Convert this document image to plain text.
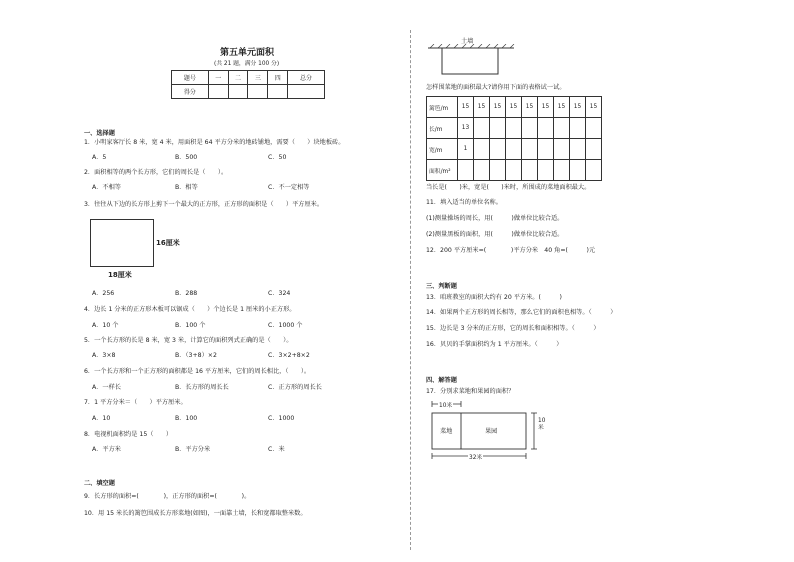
第五单元面积
(共 21 题，满分 100 分)
题号	一	二	三	四	总分
得分					
一、选择题
1．小明家客厅长 8 米，宽 4 米，用面积是 64 平方分米的地砖铺地，需要（　　）块地板砖。
A．5	B．500	C．50
2．面积相等的两个长方形，它们的周长是（　　）。
A．不相等	B．相等	C．不一定相等
3．往往从下边的长方形上剪下一个最大的正方形，正方形的面积是（　　）平方厘米。
16厘米
18厘米
A．256	B．288	C．324
4．边长 1 分米的正方形木板可以锯成（　　）个边长是 1 厘米的小正方形。
A．10 个	B．100 个	C．1000 个
5．一个长方形的长是 8 米，宽 3 米，计算它的面积列式正确的是（　　）。
A．3×8	B．（3+8）×2	C．3×2+8×2
6．一个长方形和一个正方形的面积都是 16 平方厘米，它们的周长相比，（　　）。
A．一样长	B．长方形的周长长	C．正方形的周长长
7．1 平方分米＝（　　）平方厘米。
A．10	B．100	C．1000
8．电视机面积约是 15（　　）
A．平方米	B．平方分米	C．米
二、填空题
9．长方形的面积=(　　　　)，正方形的面积=(　　　　)。
10．用 15 米长的篱笆围成长方形菜地(如图)，一面靠土墙，长和宽都取整米数。
土墙
怎样围菜地的面积最大?请你用下面的表格试一试。
篱笆/m	15	15	15	15	15	15	15	15	15
长/m	13								
宽/m	1								
面积/m²									
当长是(　　)米，宽是(　　)米时，所围成的菜地面积最大。
11．填入适当的单位名称。
(1)测量操场的周长，用(　　　)做单位比较合适。
(2)测量黑板的面积，用(　　　)做单位比较合适。
12．200 平方厘米=(　　　　)平方分米　40 角=(　　　)元
三、判断题
13．咱班教室的面积大约有 20 平方米。(　　　)
14．如果两个正方形的周长相等，那么它们的面积也相等。（　　　）
15．边长是 3 分米的正方形，它的周长和面积相等。（　　　）
16．贝贝的手掌面积约为 1 平方厘米。（　　　）
四、解答题
17．分别求菜地和果园的面积？
10米
10米
32米
菜地	果园
